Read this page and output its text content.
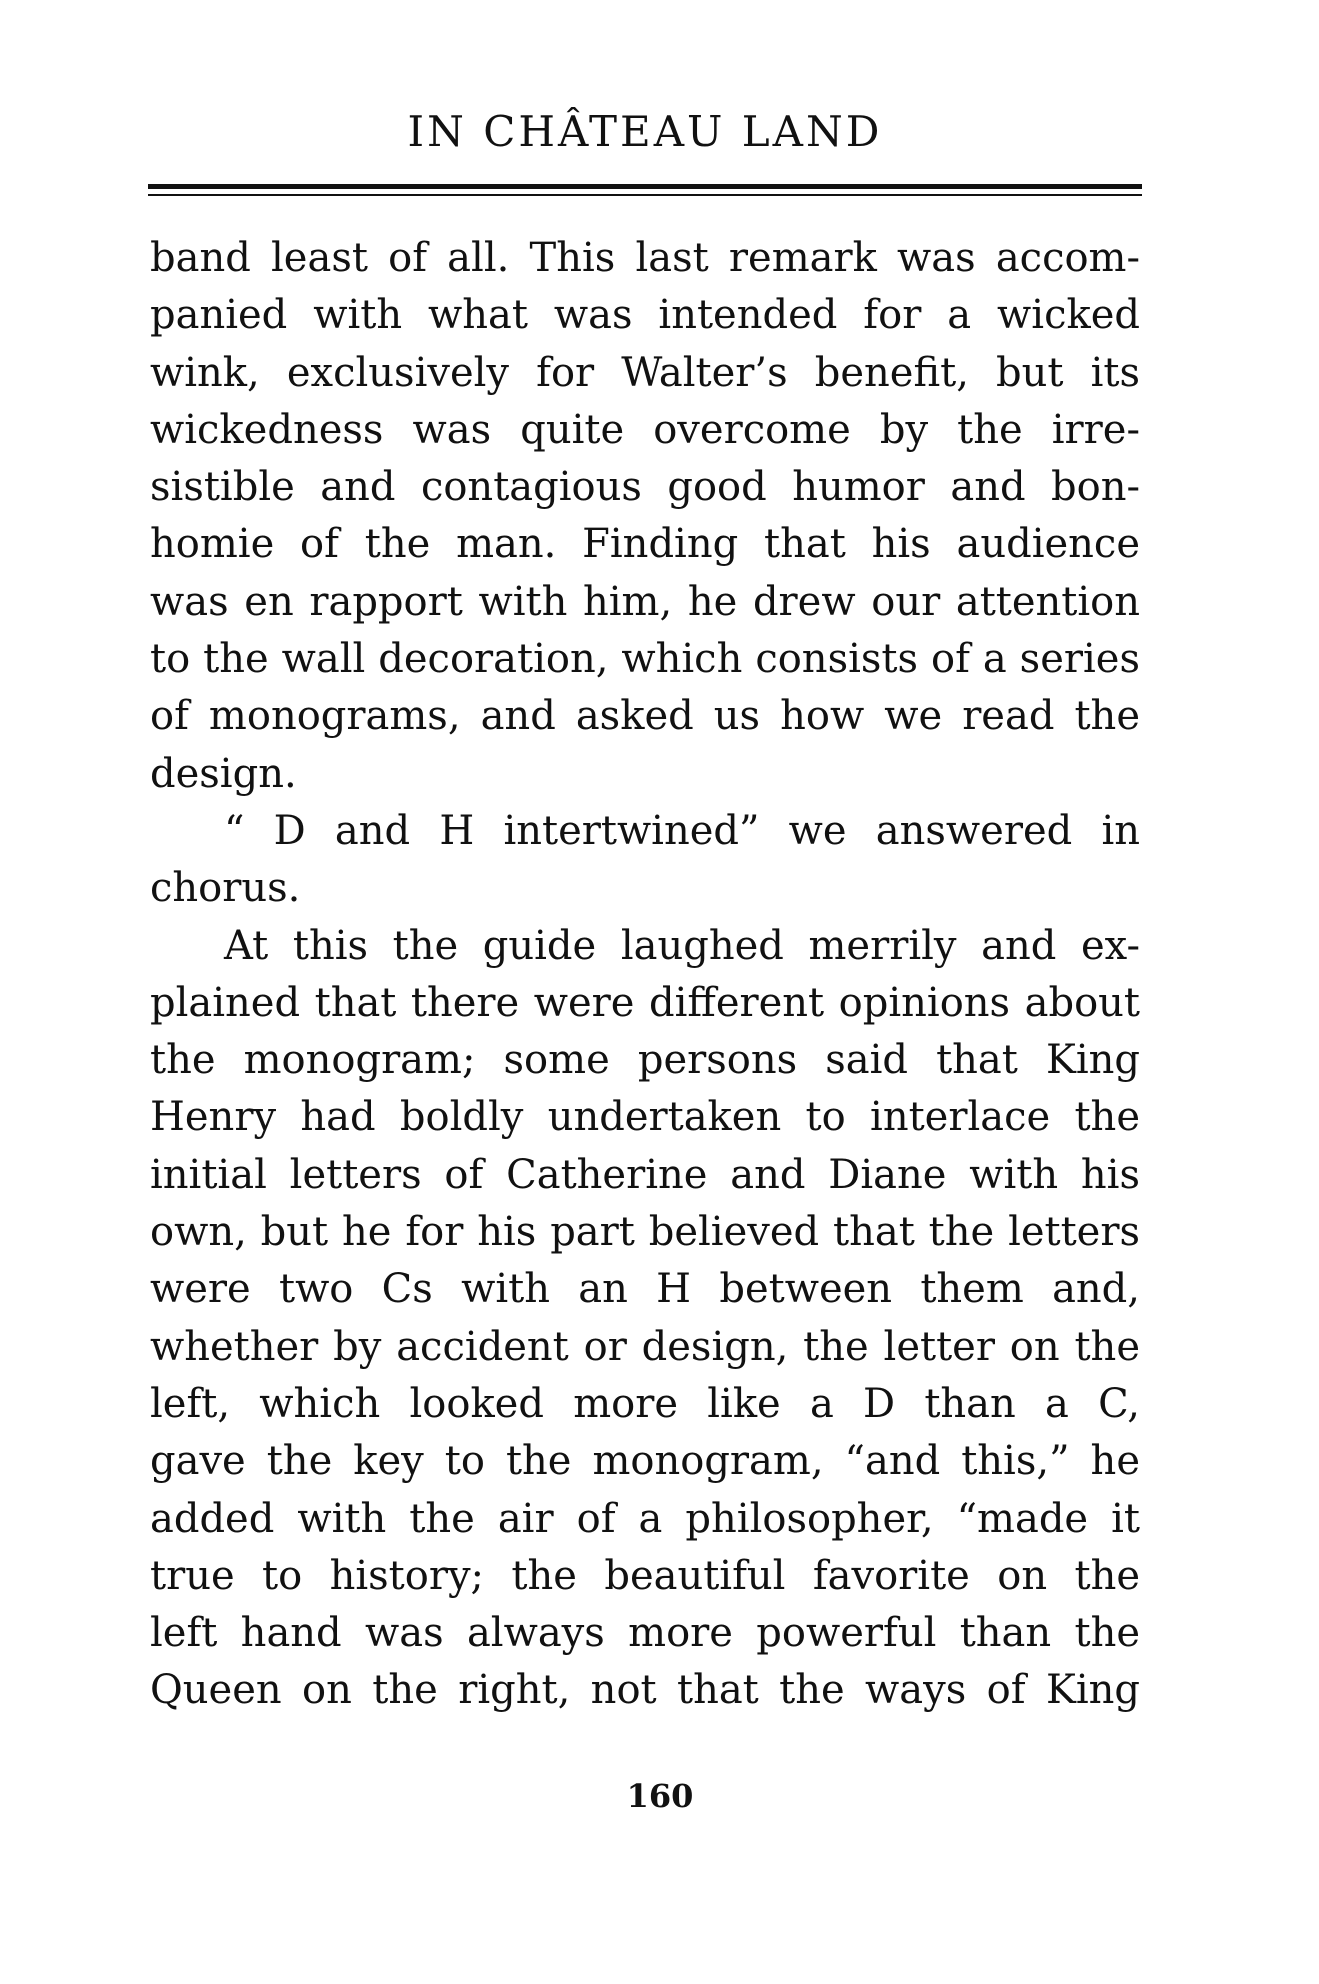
IN CHÂTEAU LAND
band least of all. This last remark was accom-
panied with what was intended for a wicked
wink, exclusively for Walter’s benefit, but its
wickedness was quite overcome by the irre-
sistible and contagious good humor and bon-
homie of the man. Finding that his audience
was en rapport with him, he drew our attention
to the wall decoration, which consists of a series
of monograms, and asked us how we read the
design.
“ D and H intertwined” we answered in
chorus.
At this the guide laughed merrily and ex-
plained that there were different opinions about
the monogram; some persons said that King
Henry had boldly undertaken to interlace the
initial letters of Catherine and Diane with his
own, but he for his part believed that the letters
were two Cs with an H between them and,
whether by accident or design, the letter on the
left, which looked more like a D than a C,
gave the key to the monogram, “and this,” he
added with the air of a philosopher, “made it
true to history; the beautiful favorite on the
left hand was always more powerful than the
Queen on the right, not that the ways of King
160
